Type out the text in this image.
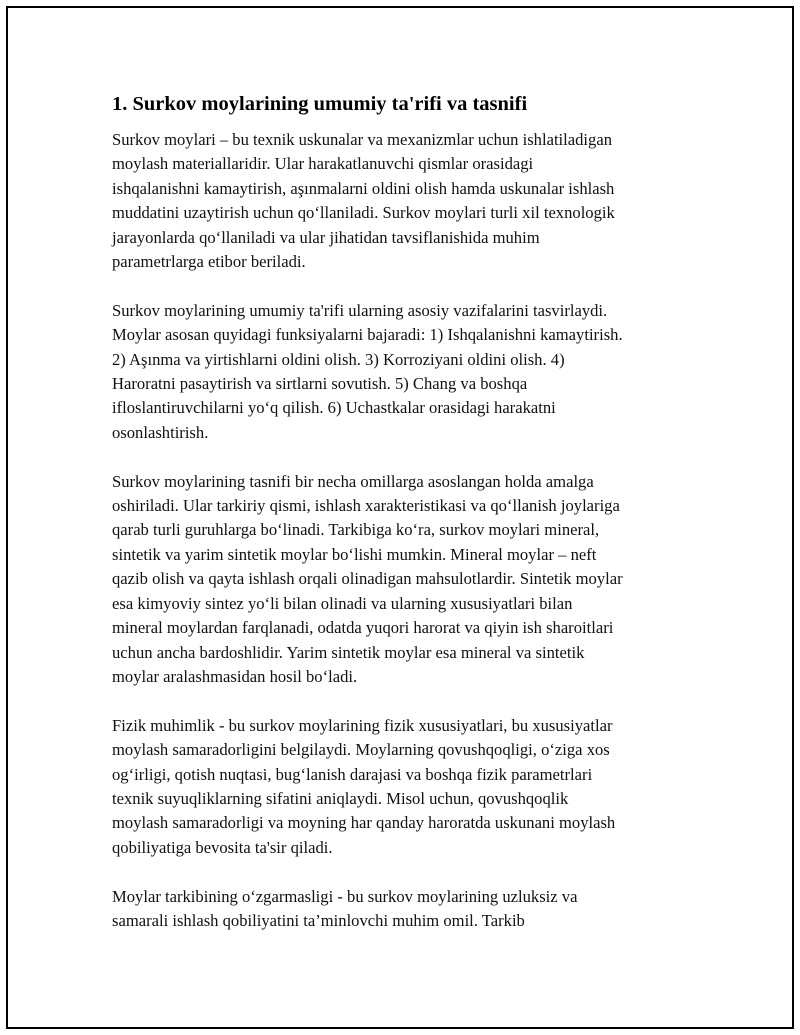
1. Surkov moylarining umumiy ta'rifi va tasnifi

Surkov moylari – bu texnik uskunalar va mexanizmlar uchun ishlatiladigan
moylash materiallaridir. Ular harakatlanuvchi qismlar orasidagi
ishqalanishni kamaytirish, aşınmalarni oldini olish hamda uskunalar ishlash
muddatini uzaytirish uchun qo‘llaniladi. Surkov moylari turli xil texnologik
jarayonlarda qo‘llaniladi va ular jihatidan tavsiflanishida muhim
parametrlarga etibor beriladi.

Surkov moylarining umumiy ta'rifi ularning asosiy vazifalarini tasvirlaydi.
Moylar asosan quyidagi funksiyalarni bajaradi: 1) Ishqalanishni kamaytirish.
2) Aşınma va yirtishlarni oldini olish. 3) Korroziyani oldini olish. 4)
Haroratni pasaytirish va sirtlarni sovutish. 5) Chang va boshqa
ifloslantiruvchilarni yo‘q qilish. 6) Uchastkalar orasidagi harakatni
osonlashtirish.

Surkov moylarining tasnifi bir necha omillarga asoslangan holda amalga
oshiriladi. Ular tarkiriy qismi, ishlash xarakteristikasi va qo‘llanish joylariga
qarab turli guruhlarga bo‘linadi. Tarkibiga ko‘ra, surkov moylari mineral,
sintetik va yarim sintetik moylar bo‘lishi mumkin. Mineral moylar – neft
qazib olish va qayta ishlash orqali olinadigan mahsulotlardir. Sintetik moylar
esa kimyoviy sintez yo‘li bilan olinadi va ularning xususiyatlari bilan
mineral moylardan farqlanadi, odatda yuqori harorat va qiyin ish sharoitlari
uchun ancha bardoshlidir. Yarim sintetik moylar esa mineral va sintetik
moylar aralashmasidan hosil bo‘ladi.

Fizik muhimlik - bu surkov moylarining fizik xususiyatlari, bu xususiyatlar
moylash samaradorligini belgilaydi. Moylarning qovushqoqligi, o‘ziga xos
og‘irligi, qotish nuqtasi, bug‘lanish darajasi va boshqa fizik parametrlari
texnik suyuqliklarning sifatini aniqlaydi. Misol uchun, qovushqoqlik
moylash samaradorligi va moyning har qanday haroratda uskunani moylash
qobiliyatiga bevosita ta'sir qiladi.

Moylar tarkibining o‘zgarmasligi - bu surkov moylarining uzluksiz va
samarali ishlash qobiliyatini ta’minlovchi muhim omil. Tarkib
